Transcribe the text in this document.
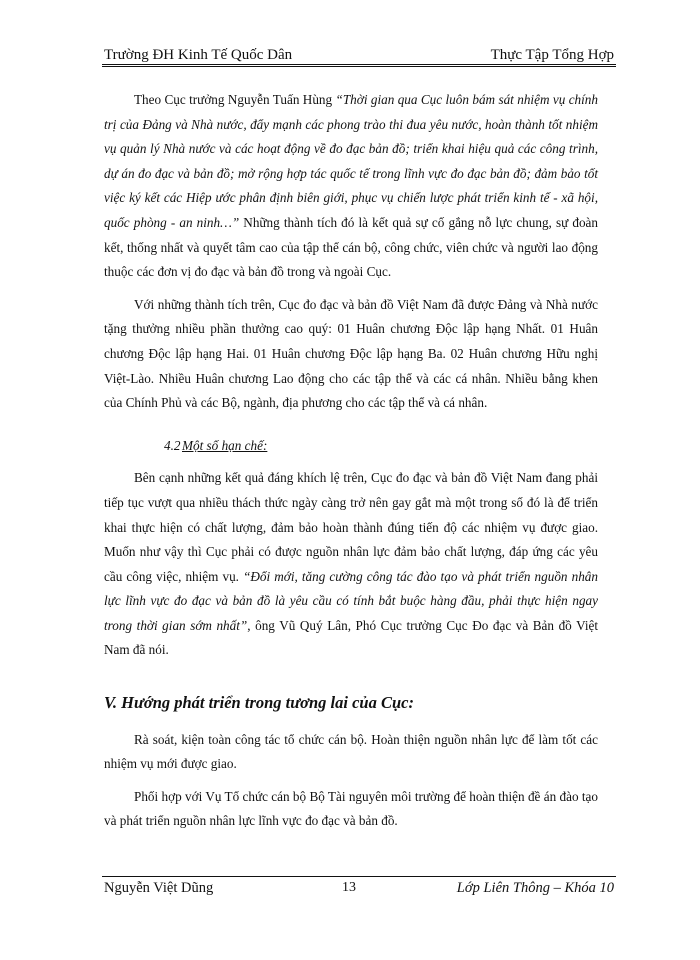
Trường ĐH Kinh Tế Quốc Dân	Thực Tập Tổng Hợp

Theo Cục trưởng Nguyễn Tuấn Hùng “Thời gian qua Cục luôn bám sát nhiệm vụ chính trị của Đảng và Nhà nước, đẩy mạnh các phong trào thi đua yêu nước, hoàn thành tốt nhiệm vụ quản lý Nhà nước và các hoạt động về đo đạc bản đồ; triển khai hiệu quả các công trình, dự án đo đạc và bản đồ; mở rộng hợp tác quốc tế trong lĩnh vực đo đạc bản đồ; đảm bảo tốt việc ký kết các Hiệp ước phân định biên giới, phục vụ chiến lược phát triển kinh tế - xã hội, quốc phòng - an ninh…” Những thành tích đó là kết quả sự cố gắng nỗ lực chung, sự đoàn kết, thống nhất và quyết tâm cao của tập thể cán bộ, công chức, viên chức và người lao động thuộc các đơn vị đo đạc và bản đồ trong và ngoài Cục.

Với những thành tích trên, Cục đo đạc và bản đồ Việt Nam đã được Đảng và Nhà nước tặng thưởng nhiều phần thưởng cao quý: 01 Huân chương Độc lập hạng Nhất. 01 Huân chương Độc lập hạng Hai. 01 Huân chương Độc lập hạng Ba. 02 Huân chương Hữu nghị Việt-Lào. Nhiều Huân chương Lao động cho các tập thể và các cá nhân. Nhiều bằng khen của Chính Phủ và các Bộ, ngành, địa phương cho các tập thể và cá nhân.

4.2 Một số hạn chế:

Bên cạnh những kết quả đáng khích lệ trên, Cục đo đạc và bản đồ Việt Nam đang phải tiếp tục vượt qua nhiều thách thức ngày càng trở nên gay gắt mà một trong số đó là để triển khai thực hiện có chất lượng, đảm bảo hoàn thành đúng tiến độ các nhiệm vụ được giao. Muốn như vậy thì Cục phải có được nguồn nhân lực đảm bảo chất lượng, đáp ứng các yêu cầu công việc, nhiệm vụ. “Đổi mới, tăng cường công tác đào tạo và phát triển nguồn nhân lực lĩnh vực đo đạc và bản đồ là yêu cầu có tính bắt buộc hàng đầu, phải thực hiện ngay trong thời gian sớm nhất”, ông Vũ Quý Lân, Phó Cục trưởng Cục Đo đạc và Bản đồ Việt Nam đã nói.

V. Hướng phát triển trong tương lai của Cục:

Rà soát, kiện toàn công tác tổ chức cán bộ. Hoàn thiện nguồn nhân lực để làm tốt các nhiệm vụ mới được giao.

Phối hợp với Vụ Tổ chức cán bộ Bộ Tài nguyên môi trường để hoàn thiện đề án đào tạo và phát triển nguồn nhân lực lĩnh vực đo đạc và bản đồ.

Nguyễn Việt Dũng	13	Lớp Liên Thông – Khóa 10
